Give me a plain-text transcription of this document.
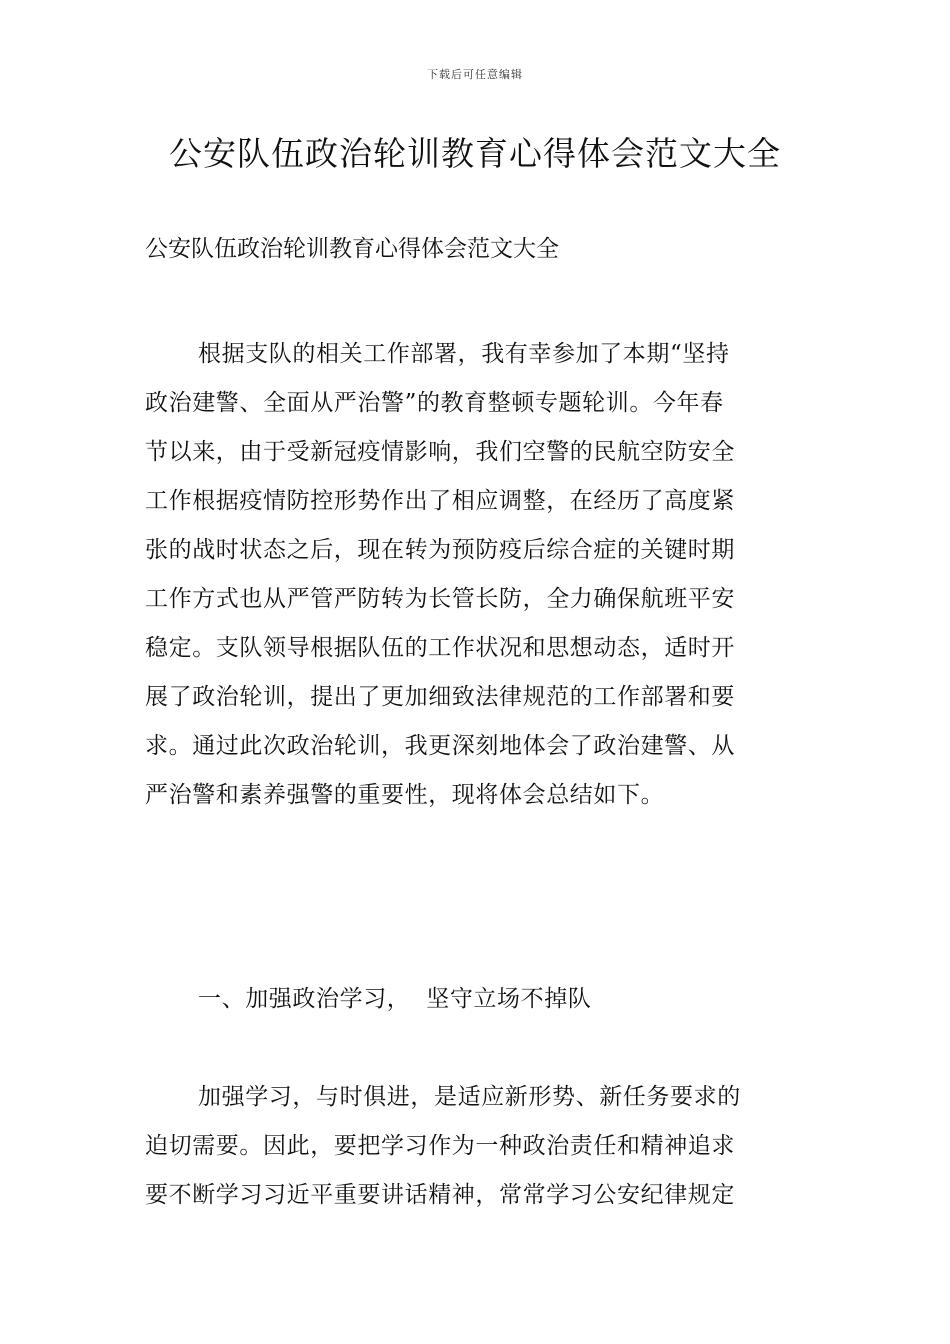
下载后可任意编辑
公安队伍政治轮训教育心得体会范文大全

公安队伍政治轮训教育心得体会范文大全

根据支队的相关工作部署，我有幸参加了本期“坚持

政治建警、全面从严治警”的教育整顿专题轮训。今年春

节以来，由于受新冠疫情影响，我们空警的民航空防安全

工作根据疫情防控形势作出了相应调整，在经历了高度紧

张的战时状态之后，现在转为预防疫后综合症的关键时期

工作方式也从严管严防转为长管长防，全力确保航班平安

稳定。支队领导根据队伍的工作状况和思想动态，适时开

展了政治轮训，提出了更加细致法律规范的工作部署和要

求。通过此次政治轮训，我更深刻地体会了政治建警、从

严治警和素养强警的重要性，现将体会总结如下。

一、加强政治学习，  坚守立场不掉队

加强学习，与时俱进，是适应新形势、新任务要求的

迫切需要。因此，要把学习作为一种政治责任和精神追求

要不断学习习近平重要讲话精神，常常学习公安纪律规定
